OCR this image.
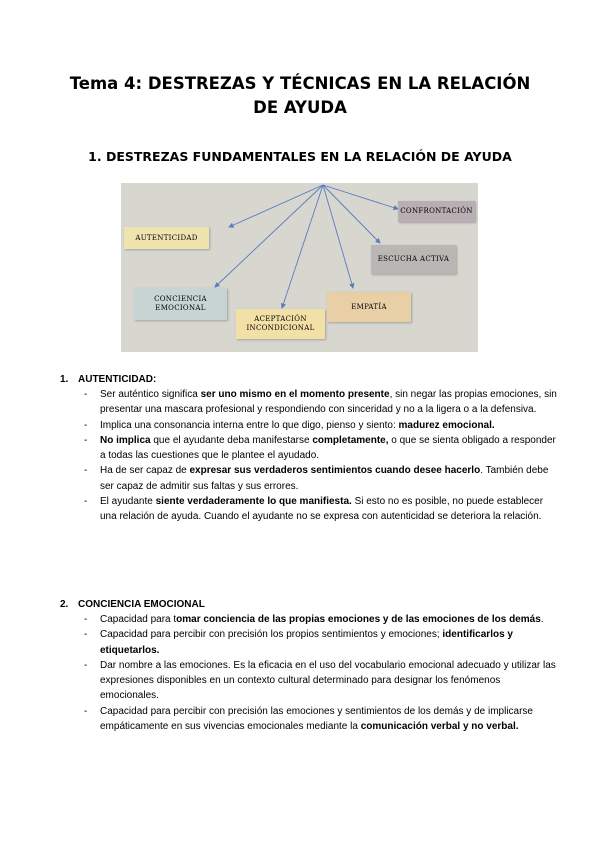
Tema 4: DESTREZAS Y TÉCNICAS EN LA RELACIÓN DE AYUDA
1. DESTREZAS FUNDAMENTALES EN LA RELACIÓN DE AYUDA
CONFRONTACIÓN
AUTENTICIDAD
ESCUCHA ACTIVA
CONCIENCIA EMOCIONAL
ACEPTACIÓN INCONDICIONAL
EMPATÍA
1. AUTENTICIDAD:
- Ser auténtico significa ser uno mismo en el momento presente, sin negar las propias emociones, sin presentar una mascara profesional y respondiendo con sinceridad y no a la ligera o a la defensiva.
- Implica una consonancia interna entre lo que digo, pienso y siento: madurez emocional.
- No implica que el ayudante deba manifestarse completamente, o que se sienta obligado a responder a todas las cuestiones que le plantee el ayudado.
- Ha de ser capaz de expresar sus verdaderos sentimientos cuando desee hacerlo. También debe ser capaz de admitir sus faltas y sus errores.
- El ayudante siente verdaderamente lo que manifiesta. Si esto no es posible, no puede establecer una relación de ayuda. Cuando el ayudante no se expresa con autenticidad se deteriora la relación.
2. CONCIENCIA EMOCIONAL
- Capacidad para tomar conciencia de las propias emociones y de las emociones de los demás.
- Capacidad para percibir con precisión los propios sentimientos y emociones; identificarlos y etiquetarlos.
- Dar nombre a las emociones. Es la eficacia en el uso del vocabulario emocional adecuado y utilizar las expresiones disponibles en un contexto cultural determinado para designar los fenómenos emocionales.
- Capacidad para percibir con precisión las emociones y sentimientos de los demás y de implicarse empáticamente en sus vivencias emocionales mediante la comunicación verbal y no verbal.
